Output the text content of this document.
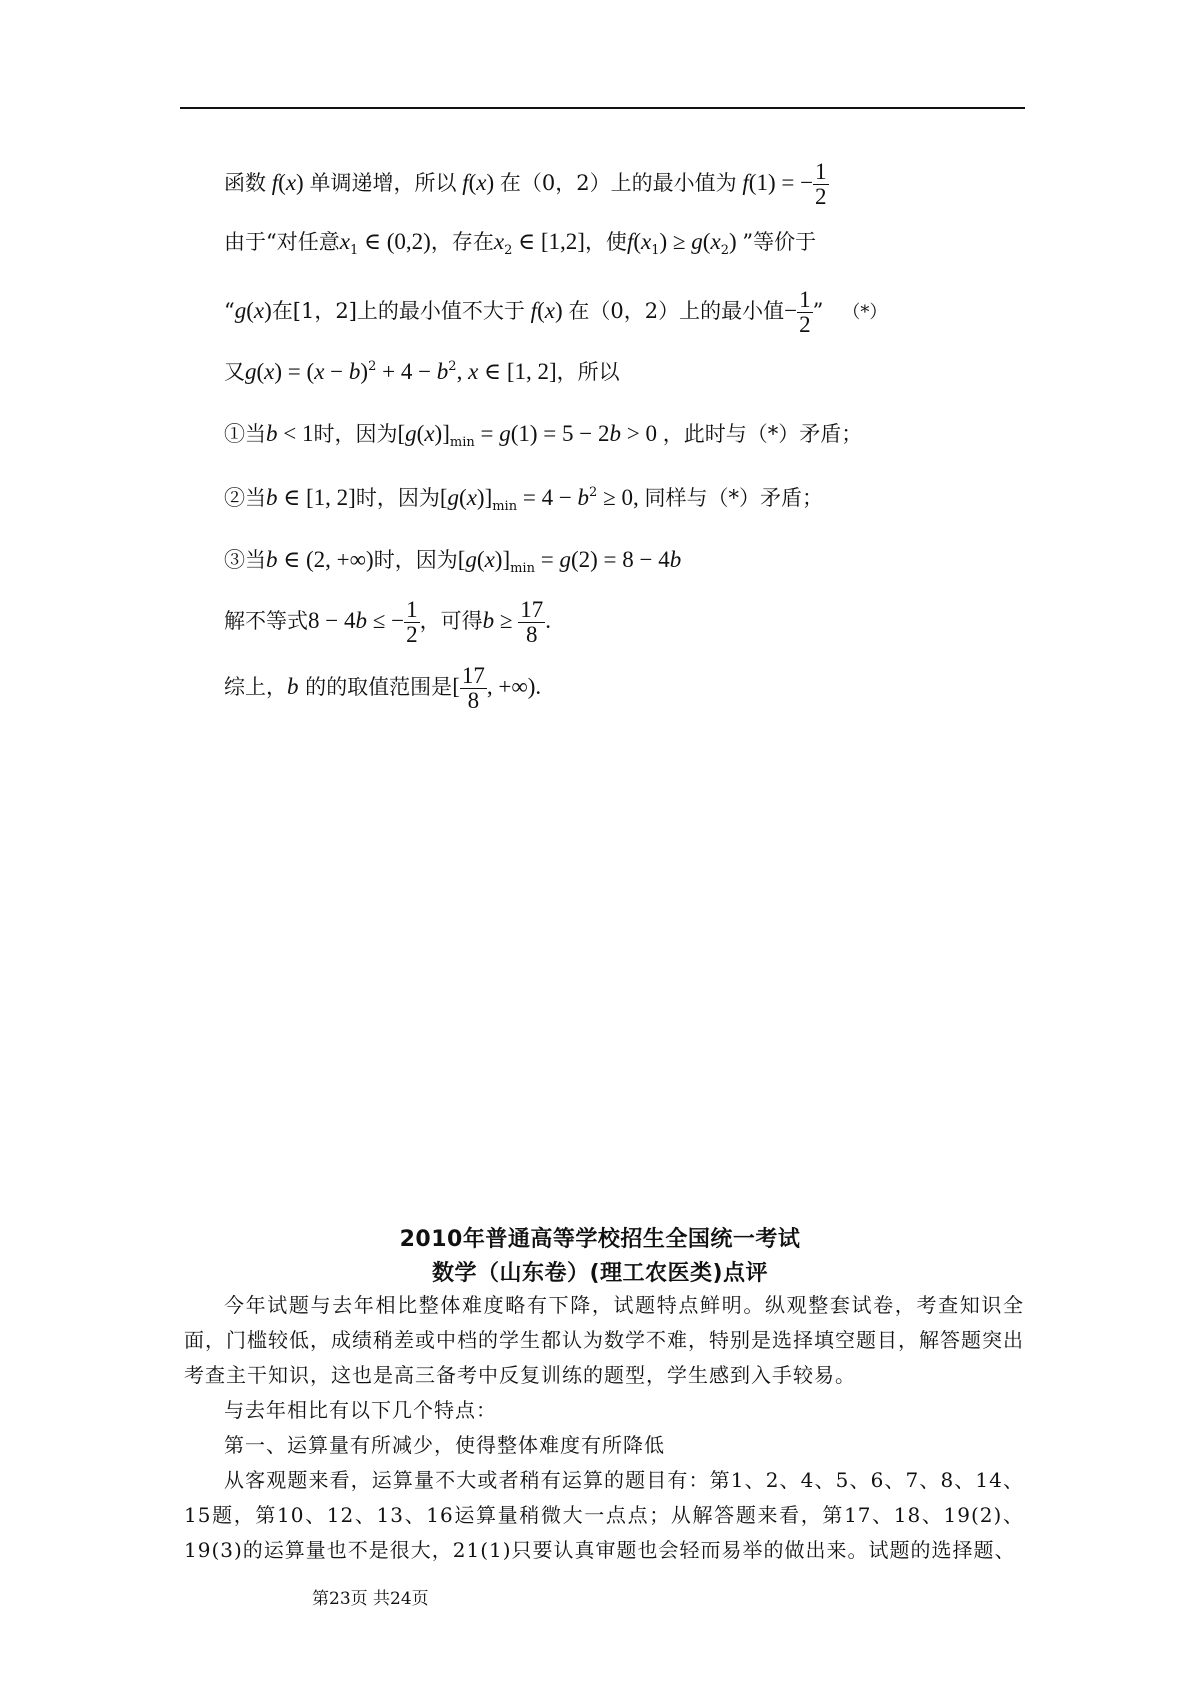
函数 f(x) 单调递增，所以 f(x) 在（0，2）上的最小值为 f(1) = − $\frac{1}{2}$
由于“对任意$x_1$ ∈ (0,2)，存在$x_2$ ∈ [1,2]，使$f(x_1) \ge g(x_2)$ ”等价于
“g(x)在[1，2]上的最小值不大于 f(x) 在（0，2）上的最小值− $\frac{1}{2}$ ” （*）
又$g(x) = (x - b)^2 + 4 - b^2$, x ∈ [1, 2]，所以
①当b < 1时，因为$[g(x)]_{min} = g(1) = 5 - 2b > 0$ ，此时与（*）矛盾；
②当b ∈ [1, 2]时，因为$[g(x)]_{min} = 4 - b^2 \ge 0$, 同样与（*）矛盾；
③当b ∈ (2, +∞)时，因为$[g(x)]_{min} = g(2) = 8 - 4b$
解不等式8 − 4b ≤ − $\frac{1}{2}$ ，可得$b \ge \frac{17}{8}$ .
综上，b 的的取值范围是[ $\frac{17}{8}$ , +∞).
2010年普通高等学校招生全国统一考试
数学（山东卷）(理工农医类)点评
今年试题与去年相比整体难度略有下降，试题特点鲜明。纵观整套试卷，考查知识全面，门槛较低，成绩稍差或中档的学生都认为数学不难，特别是选择填空题目，解答题突出考查主干知识，这也是高三备考中反复训练的题型，学生感到入手较易。
与去年相比有以下几个特点：
第一、运算量有所减少，使得整体难度有所降低
从客观题来看，运算量不大或者稍有运算的题目有：第1、2、4、5、6、7、8、14、15题，第10、12、13、16运算量稍微大一点点；从解答题来看，第17、18、19(2)、19(3)的运算量也不是很大，21(1)只要认真审题也会轻而易举的做出来。试题的选择题、
第23页 共24页
